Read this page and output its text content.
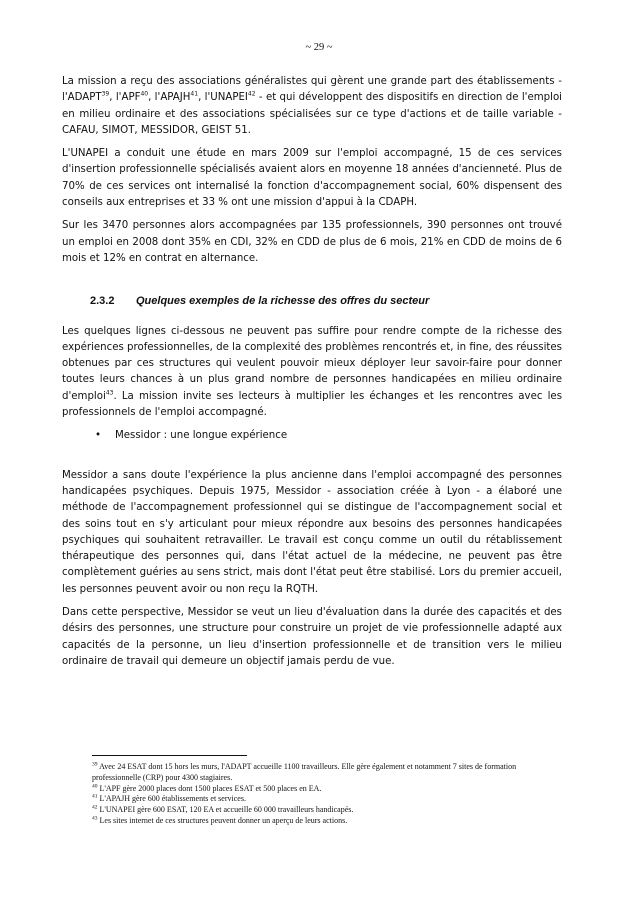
~ 29 ~

La mission a reçu des associations généralistes qui gèrent une grande part des établissements - l'ADAPT$^{39}$, l'APF$^{40}$, l'APAJH$^{41}$, l'UNAPEI$^{42}$ - et qui développent des dispositifs en direction de l'emploi en milieu ordinaire et des associations spécialisées sur ce type d'actions et de taille variable - CAFAU, SIMOT, MESSIDOR, GEIST 51.

L'UNAPEI a conduit une étude en mars 2009 sur l'emploi accompagné, 15 de ces services d'insertion professionnelle spécialisés avaient alors en moyenne 18 années d'ancienneté. Plus de 70% de ces services ont internalisé la fonction d'accompagnement social, 60% dispensent des conseils aux entreprises et 33 % ont une mission d'appui à la CDAPH.

Sur les 3470 personnes alors accompagnées par 135 professionnels, 390 personnes ont trouvé un emploi en 2008 dont 35% en CDI, 32% en CDD de plus de 6 mois, 21% en CDD de moins de 6 mois et 12% en contrat en alternance.

2.3.2 Quelques exemples de la richesse des offres du secteur

Les quelques lignes ci-dessous ne peuvent pas suffire pour rendre compte de la richesse des expériences professionnelles, de la complexité des problèmes rencontrés et, in fine, des réussites obtenues par ces structures qui veulent pouvoir mieux déployer leur savoir-faire pour donner toutes leurs chances à un plus grand nombre de personnes handicapées en milieu ordinaire d'emploi$^{43}$. La mission invite ses lecteurs à multiplier les échanges et les rencontres avec les professionnels de l'emploi accompagné.

• Messidor : une longue expérience

Messidor a sans doute l'expérience la plus ancienne dans l'emploi accompagné des personnes handicapées psychiques. Depuis 1975, Messidor - association créée à Lyon - a élaboré une méthode de l'accompagnement professionnel qui se distingue de l'accompagnement social et des soins tout en s'y articulant pour mieux répondre aux besoins des personnes handicapées psychiques qui souhaitent retravailler. Le travail est conçu comme un outil du rétablissement thérapeutique des personnes qui, dans l'état actuel de la médecine, ne peuvent pas être complètement guéries au sens strict, mais dont l'état peut être stabilisé. Lors du premier accueil, les personnes peuvent avoir ou non reçu la RQTH.

Dans cette perspective, Messidor se veut un lieu d'évaluation dans la durée des capacités et des désirs des personnes, une structure pour construire un projet de vie professionnelle adapté aux capacités de la personne, un lieu d'insertion professionnelle et de transition vers le milieu ordinaire de travail qui demeure un objectif jamais perdu de vue.

$^{39}$ Avec 24 ESAT dont 15 hors les murs, l'ADAPT accueille 1100 travailleurs. Elle gère également et notamment 7 sites de formation professionnelle (CRP) pour 4300 stagiaires.
$^{40}$ L'APF gère 2000 places dont 1500 places ESAT et 500 places en EA.
$^{41}$ L'APAJH gère 600 établissements et services.
$^{42}$ L'UNAPEI gère 600 ESAT, 120 EA et accueille 60 000 travailleurs handicapés.
$^{43}$ Les sites internet de ces structures peuvent donner un aperçu de leurs actions.
